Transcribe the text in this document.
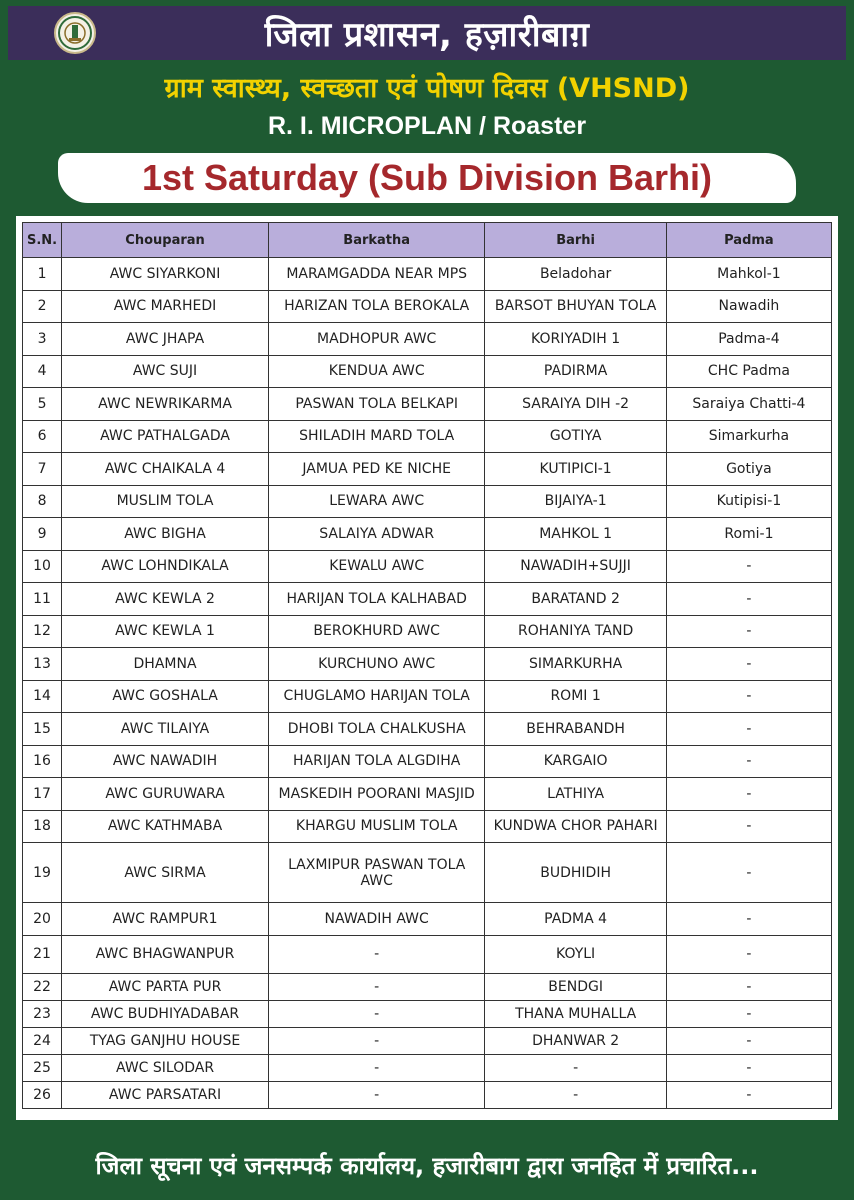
जिला प्रशासन, हज़ारीबाग़
ग्राम स्वास्थ्य, स्वच्छता एवं पोषण दिवस (VHSND)
R. I. MICROPLAN / Roaster
1st Saturday (Sub Division Barhi)
S.N.	Chouparan	Barkatha	Barhi	Padma
1	AWC SIYARKONI	MARAMGADDA NEAR MPS	Beladohar	Mahkol-1
2	AWC MARHEDI	HARIZAN TOLA BEROKALA	BARSOT BHUYAN TOLA	Nawadih
3	AWC JHAPA	MADHOPUR AWC	KORIYADIH 1	Padma-4
4	AWC SUJI	KENDUA AWC	PADIRMA	CHC Padma
5	AWC NEWRIKARMA	PASWAN TOLA BELKAPI	SARAIYA DIH -2	Saraiya Chatti-4
6	AWC PATHALGADA	SHILADIH MARD TOLA	GOTIYA	Simarkurha
7	AWC CHAIKALA 4	JAMUA PED KE NICHE	KUTIPICI-1	Gotiya
8	MUSLIM TOLA	LEWARA AWC	BIJAIYA-1	Kutipisi-1
9	AWC BIGHA	SALAIYA ADWAR	MAHKOL 1	Romi-1
10	AWC LOHNDIKALA	KEWALU AWC	NAWADIH+SUJJI	-
11	AWC KEWLA 2	HARIJAN TOLA KALHABAD	BARATAND 2	-
12	AWC KEWLA 1	BEROKHURD AWC	ROHANIYA TAND	-
13	DHAMNA	KURCHUNO AWC	SIMARKURHA	-
14	AWC GOSHALA	CHUGLAMO HARIJAN TOLA	ROMI 1	-
15	AWC TILAIYA	DHOBI TOLA CHALKUSHA	BEHRABANDH	-
16	AWC NAWADIH	HARIJAN TOLA ALGDIHA	KARGAIO	-
17	AWC GURUWARA	MASKEDIH POORANI MASJID	LATHIYA	-
18	AWC KATHMABA	KHARGU MUSLIM TOLA	KUNDWA CHOR PAHARI	-
19	AWC SIRMA	LAXMIPUR PASWAN TOLA AWC	BUDHIDIH	-
20	AWC RAMPUR1	NAWADIH AWC	PADMA 4	-
21	AWC BHAGWANPUR	-	KOYLI	-
22	AWC PARTA PUR	-	BENDGI	-
23	AWC BUDHIYADABAR	-	THANA MUHALLA	-
24	TYAG GANJHU HOUSE	-	DHANWAR 2	-
25	AWC SILODAR	-	-	-
26	AWC PARSATARI	-	-	-
जिला सूचना एवं जनसम्पर्क कार्यालय, हजारीबाग द्वारा जनहित में प्रचारित...
